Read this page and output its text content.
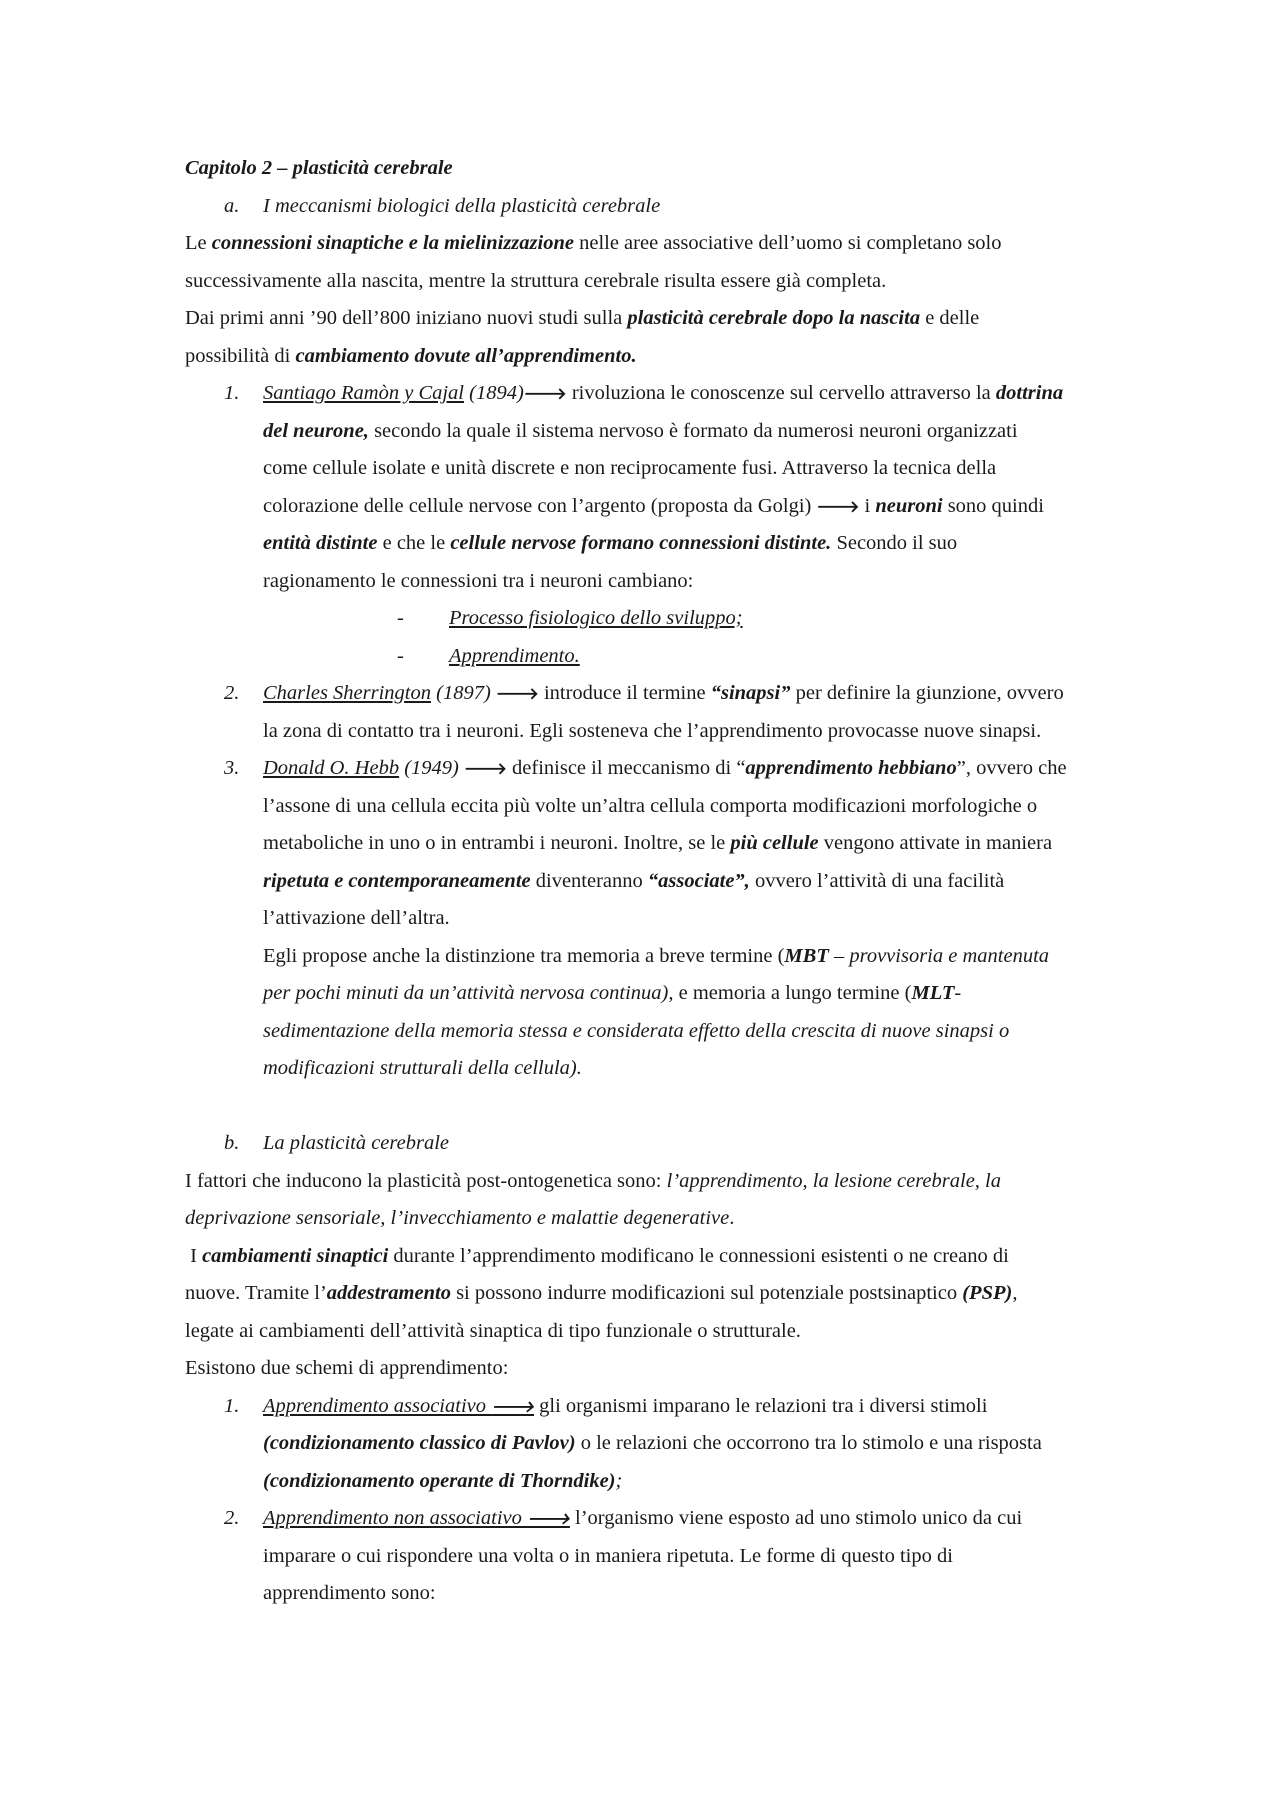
Capitolo 2 – plasticità cerebrale
a. I meccanismi biologici della plasticità cerebrale
Le connessioni sinaptiche e la mielinizzazione nelle aree associative dell’uomo si completano solo
successivamente alla nascita, mentre la struttura cerebrale risulta essere già completa.
Dai primi anni ’90 dell’800 iniziano nuovi studi sulla plasticità cerebrale dopo la nascita e delle
possibilità di cambiamento dovute all’apprendimento.
1. Santiago Ramòn y Cajal (1894)🡒 rivoluziona le conoscenze sul cervello attraverso la dottrina
del neurone, secondo la quale il sistema nervoso è formato da numerosi neuroni organizzati
come cellule isolate e unità discrete e non reciprocamente fusi. Attraverso la tecnica della
colorazione delle cellule nervose con l’argento (proposta da Golgi) 🡒 i neuroni sono quindi
entità distinte e che le cellule nervose formano connessioni distinte. Secondo il suo
ragionamento le connessioni tra i neuroni cambiano:
- Processo fisiologico dello sviluppo;
- Apprendimento.
2. Charles Sherrington (1897) 🡒 introduce il termine “sinapsi” per definire la giunzione, ovvero
la zona di contatto tra i neuroni. Egli sosteneva che l’apprendimento provocasse nuove sinapsi.
3. Donald O. Hebb (1949) 🡒 definisce il meccanismo di “apprendimento hebbiano”, ovvero che
l’assone di una cellula eccita più volte un’altra cellula comporta modificazioni morfologiche o
metaboliche in uno o in entrambi i neuroni. Inoltre, se le più cellule vengono attivate in maniera
ripetuta e contemporaneamente diventeranno “associate”, ovvero l’attività di una facilità
l’attivazione dell’altra.
Egli propose anche la distinzione tra memoria a breve termine (MBT – provvisoria e mantenuta
per pochi minuti da un’attività nervosa continua), e memoria a lungo termine (MLT-
sedimentazione della memoria stessa e considerata effetto della crescita di nuove sinapsi o
modificazioni strutturali della cellula).
b. La plasticità cerebrale
I fattori che inducono la plasticità post-ontogenetica sono: l’apprendimento, la lesione cerebrale, la
deprivazione sensoriale, l’invecchiamento e malattie degenerative.
I cambiamenti sinaptici durante l’apprendimento modificano le connessioni esistenti o ne creano di
nuove. Tramite l’addestramento si possono indurre modificazioni sul potenziale postsinaptico (PSP),
legate ai cambiamenti dell’attività sinaptica di tipo funzionale o strutturale.
Esistono due schemi di apprendimento:
1. Apprendimento associativo 🡒 gli organismi imparano le relazioni tra i diversi stimoli
(condizionamento classico di Pavlov) o le relazioni che occorrono tra lo stimolo e una risposta
(condizionamento operante di Thorndike);
2. Apprendimento non associativo 🡒 l’organismo viene esposto ad uno stimolo unico da cui
imparare o cui rispondere una volta o in maniera ripetuta. Le forme di questo tipo di
apprendimento sono:
